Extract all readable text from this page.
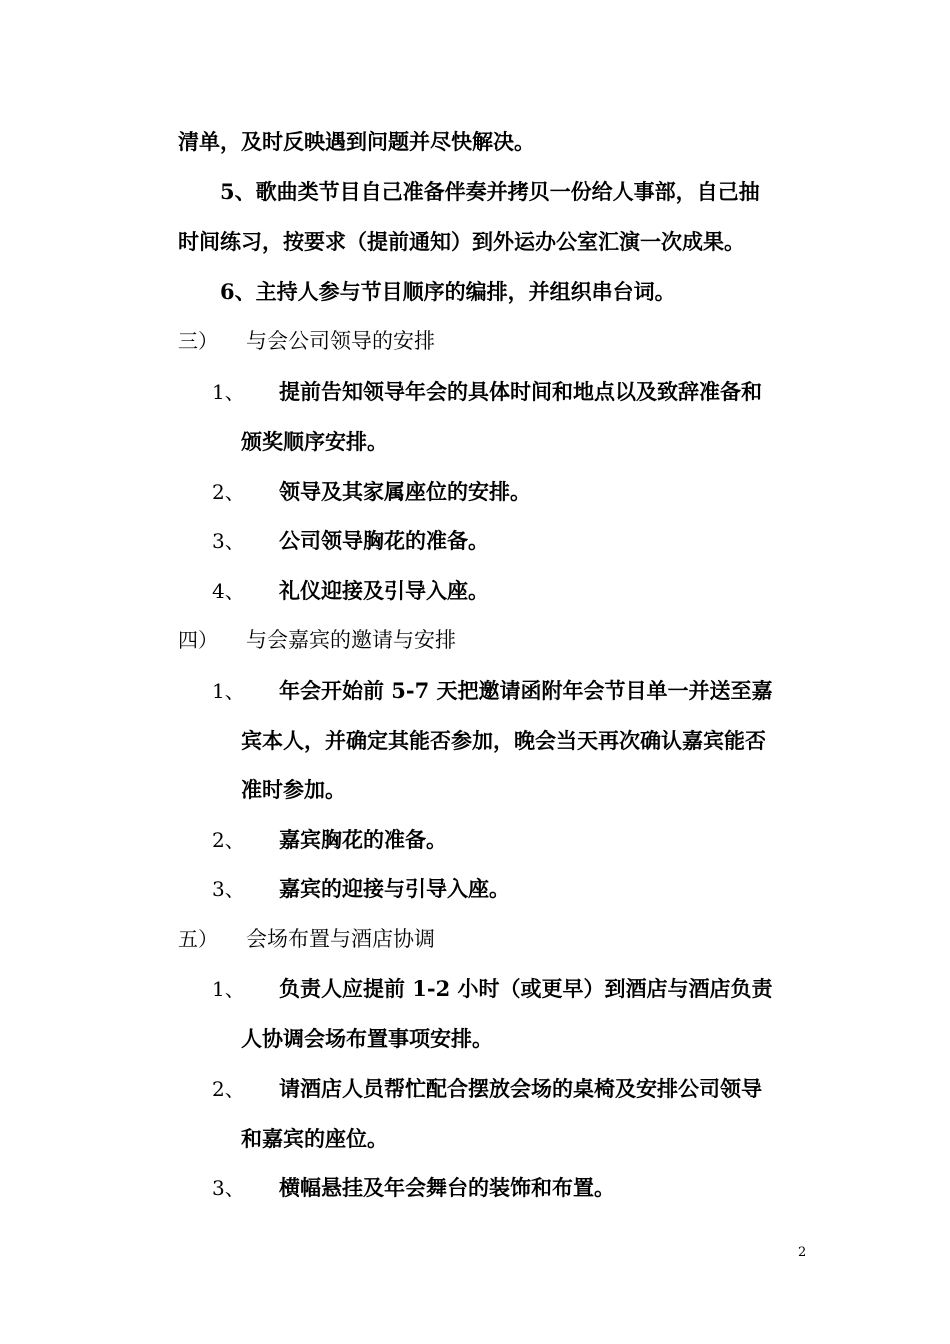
清单，及时反映遇到问题并尽快解决。
5、歌曲类节目自己准备伴奏并拷贝一份给人事部，自己抽
时间练习，按要求（提前通知）到外运办公室汇演一次成果。
6、主持人参与节目顺序的编排，并组织串台词。
三） 与会公司领导的安排
1、 提前告知领导年会的具体时间和地点以及致辞准备和
颁奖顺序安排。
2、 领导及其家属座位的安排。
3、 公司领导胸花的准备。
4、 礼仪迎接及引导入座。
四） 与会嘉宾的邀请与安排
1、 年会开始前 5-7 天把邀请函附年会节目单一并送至嘉
宾本人，并确定其能否参加，晚会当天再次确认嘉宾能否
准时参加。
2、 嘉宾胸花的准备。
3、 嘉宾的迎接与引导入座。
五） 会场布置与酒店协调
1、 负责人应提前 1-2 小时（或更早）到酒店与酒店负责
人协调会场布置事项安排。
2、 请酒店人员帮忙配合摆放会场的桌椅及安排公司领导
和嘉宾的座位。
3、 横幅悬挂及年会舞台的装饰和布置。
2
